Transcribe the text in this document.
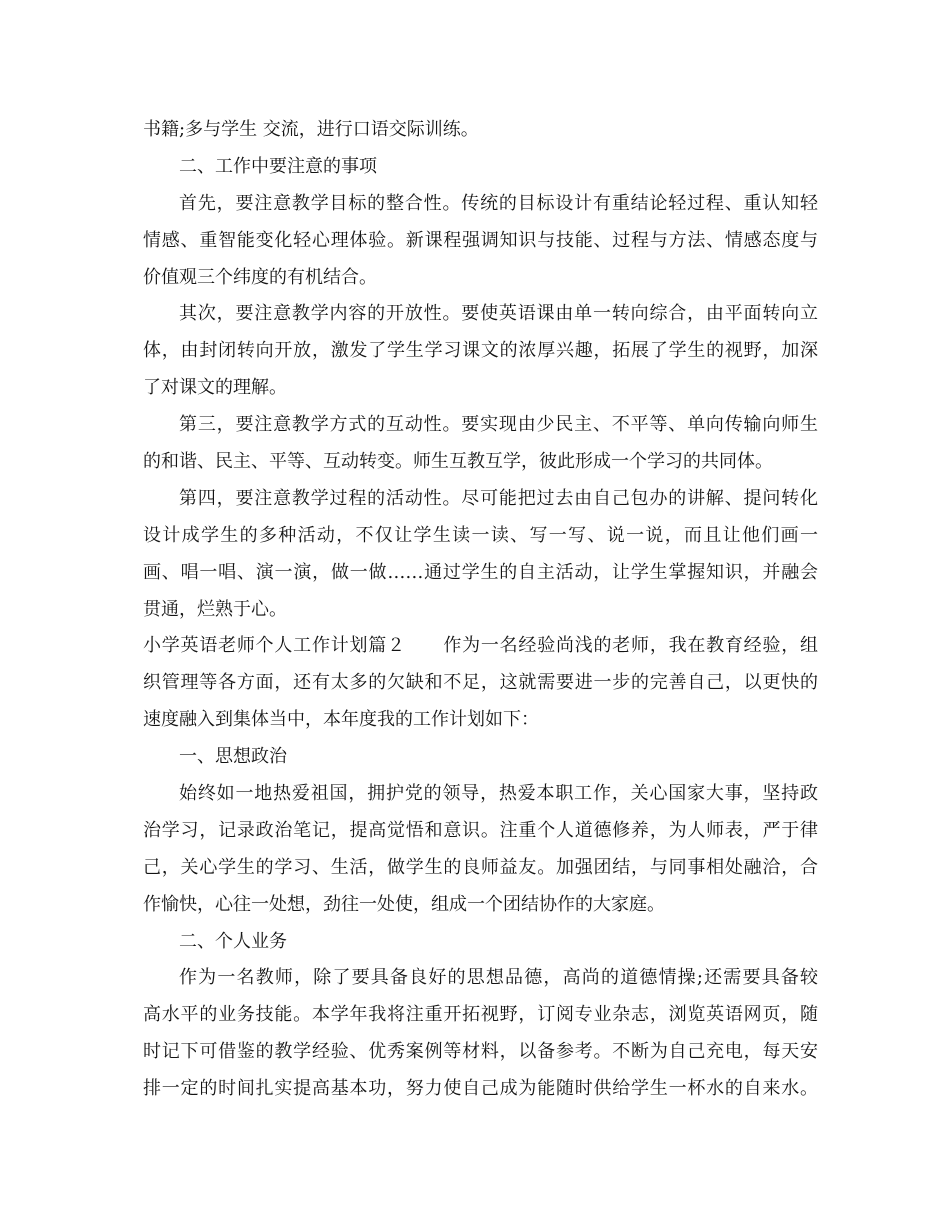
书籍;多与学生 交流，进行口语交际训练。
二、工作中要注意的事项
首先，要注意教学目标的整合性。传统的目标设计有重结论轻过程、重认知轻
情感、重智能变化轻心理体验。新课程强调知识与技能、过程与方法、情感态度与
价值观三个纬度的有机结合。
其次，要注意教学内容的开放性。要使英语课由单一转向综合，由平面转向立
体，由封闭转向开放，激发了学生学习课文的浓厚兴趣，拓展了学生的视野，加深
了对课文的理解。
第三，要注意教学方式的互动性。要实现由少民主、不平等、单向传输向师生
的和谐、民主、平等、互动转变。师生互教互学，彼此形成一个学习的共同体。
第四，要注意教学过程的活动性。尽可能把过去由自己包办的讲解、提问转化
设计成学生的多种活动，不仅让学生读一读、写一写、说一说，而且让他们画一
画、唱一唱、演一演，做一做……通过学生的自主活动，让学生掌握知识，并融会
贯通，烂熟于心。
小学英语老师个人工作计划篇２　　作为一名经验尚浅的老师，我在教育经验，组
织管理等各方面，还有太多的欠缺和不足，这就需要进一步的完善自己，以更快的
速度融入到集体当中，本年度我的工作计划如下：
一、思想政治
始终如一地热爱祖国，拥护党的领导，热爱本职工作，关心国家大事，坚持政
治学习，记录政治笔记，提高觉悟和意识。注重个人道德修养，为人师表，严于律
己，关心学生的学习、生活，做学生的良师益友。加强团结，与同事相处融洽，合
作愉快，心往一处想，劲往一处使，组成一个团结协作的大家庭。
二、个人业务
作为一名教师，除了要具备良好的思想品德，高尚的道德情操;还需要具备较
高水平的业务技能。本学年我将注重开拓视野，订阅专业杂志，浏览英语网页，随
时记下可借鉴的教学经验、优秀案例等材料，以备参考。不断为自己充电，每天安
排一定的时间扎实提高基本功，努力使自己成为能随时供给学生一杯水的自来水。
